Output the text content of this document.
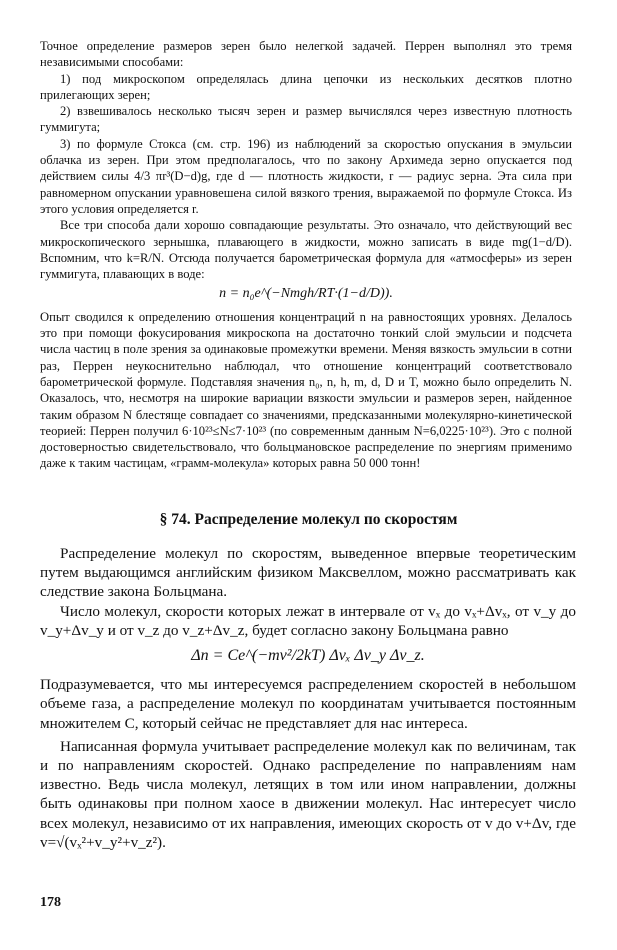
Точное определение размеров зерен было нелегкой задачей. Перрен выполнял это тремя независимыми способами:

1) под микроскопом определялась длина цепочки из нескольких десятков плотно прилегающих зерен;

2) взвешивалось несколько тысяч зерен и размер вычислялся через известную плотность гуммигута;

3) по формуле Стокса (см. стр. 196) из наблюдений за скоростью опускания в эмульсии облачка из зерен. При этом предполагалось, что по закону Архимеда зерно опускается под действием силы 4/3 πr³(D−d)g, где d — плотность жидкости, r — радиус зерна. Эта сила при равномерном опускании уравновешена силой вязкого трения, выражаемой по формуле Стокса. Из этого условия определяется r.

Все три способа дали хорошо совпадающие результаты. Это означало, что действующий вес микроскопического зернышка, плавающего в жидкости, можно записать в виде mg(1−d/D). Вспомним, что k=R/N. Отсюда получается барометрическая формула для «атмосферы» из зерен гуммигута, плавающих в воде:

n = n₀e^(−Nmgh/RT·(1−d/D)).

Опыт сводился к определению отношения концентраций n на равностоящих уровнях. Делалось это при помощи фокусирования микроскопа на достаточно тонкий слой эмульсии и подсчета числа частиц в поле зрения за одинаковые промежутки времени. Меняя вязкость эмульсии в сотни раз, Перрен неукоснительно наблюдал, что отношение концентраций соответствовало барометрической формуле. Подставляя значения n₀, n, h, m, d, D и T, можно было определить N. Оказалось, что, несмотря на широкие вариации вязкости эмульсии и размеров зерен, найденное таким образом N блестяще совпадает со значениями, предсказанными молекулярно-кинетической теорией: Перрен получил 6·10²³≤N≤7·10²³ (по современным данным N=6,0225·10²³). Это с полной достоверностью свидетельствовало, что больцмановское распределение по энергиям применимо даже к таким частицам, «грамм-молекула» которых равна 50 000 тонн!

§ 74. Распределение молекул по скоростям

Распределение молекул по скоростям, выведенное впервые теоретическим путем выдающимся английским физиком Максвеллом, можно рассматривать как следствие закона Больцмана.

Число молекул, скорости которых лежат в интервале от vₓ до vₓ+Δvₓ, от v_y до v_y+Δv_y и от v_z до v_z+Δv_z, будет согласно закону Больцмана равно

Δn = Ce^(−mv²/2kT) Δvₓ Δv_y Δv_z.

Подразумевается, что мы интересуемся распределением скоростей в небольшом объеме газа, а распределение молекул по координатам учитывается постоянным множителем C, который сейчас не представляет для нас интереса.

Написанная формула учитывает распределение молекул как по величинам, так и по направлениям скоростей. Однако распределение по направлениям нам известно. Ведь числа молекул, летящих в том или ином направлении, должны быть одинаковы при полном хаосе в движении молекул. Нас интересует число всех молекул, независимо от их направления, имеющих скорость от v до v+Δv, где v=√(vₓ²+v_y²+v_z²).

178
